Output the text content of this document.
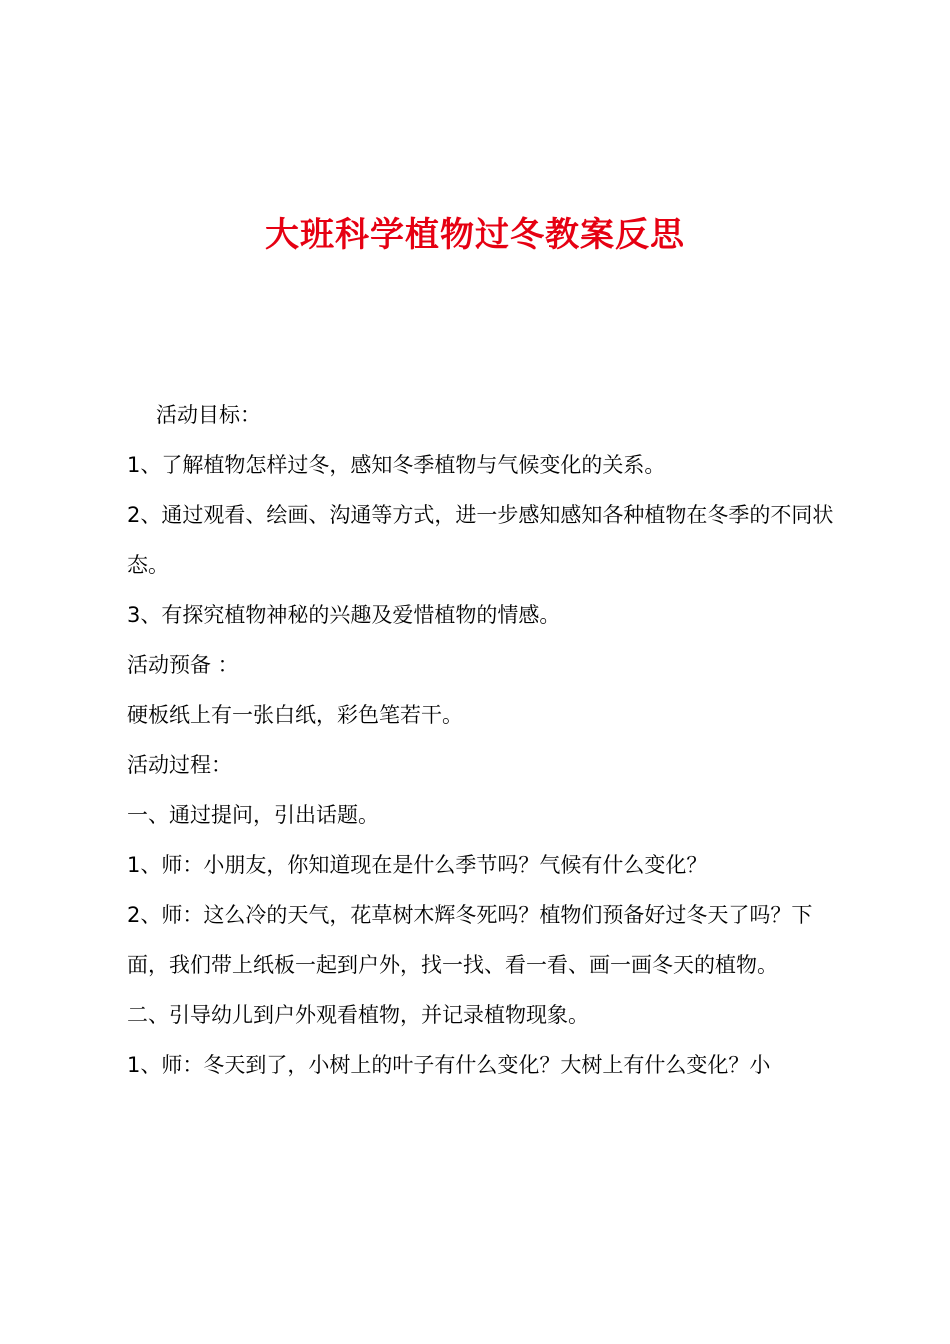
大班科学植物过冬教案反思

活动目标：

1、了解植物怎样过冬，感知冬季植物与气候变化的关系。

2、通过观看、绘画、沟通等方式，进一步感知感知各种植物在冬季的不同状态。

3、有探究植物神秘的兴趣及爱惜植物的情感。

活动预备 ：

硬板纸上有一张白纸，彩色笔若干。

活动过程：

一、通过提问，引出话题。

1、师：小朋友，你知道现在是什么季节吗？气候有什么变化？

2、师：这么冷的天气，花草树木辉冬死吗？植物们预备好过冬天了吗？下面，我们带上纸板一起到户外，找一找、看一看、画一画冬天的植物。

二、引导幼儿到户外观看植物，并记录植物现象。

1、师：冬天到了，小树上的叶子有什么变化？大树上有什么变化？小
